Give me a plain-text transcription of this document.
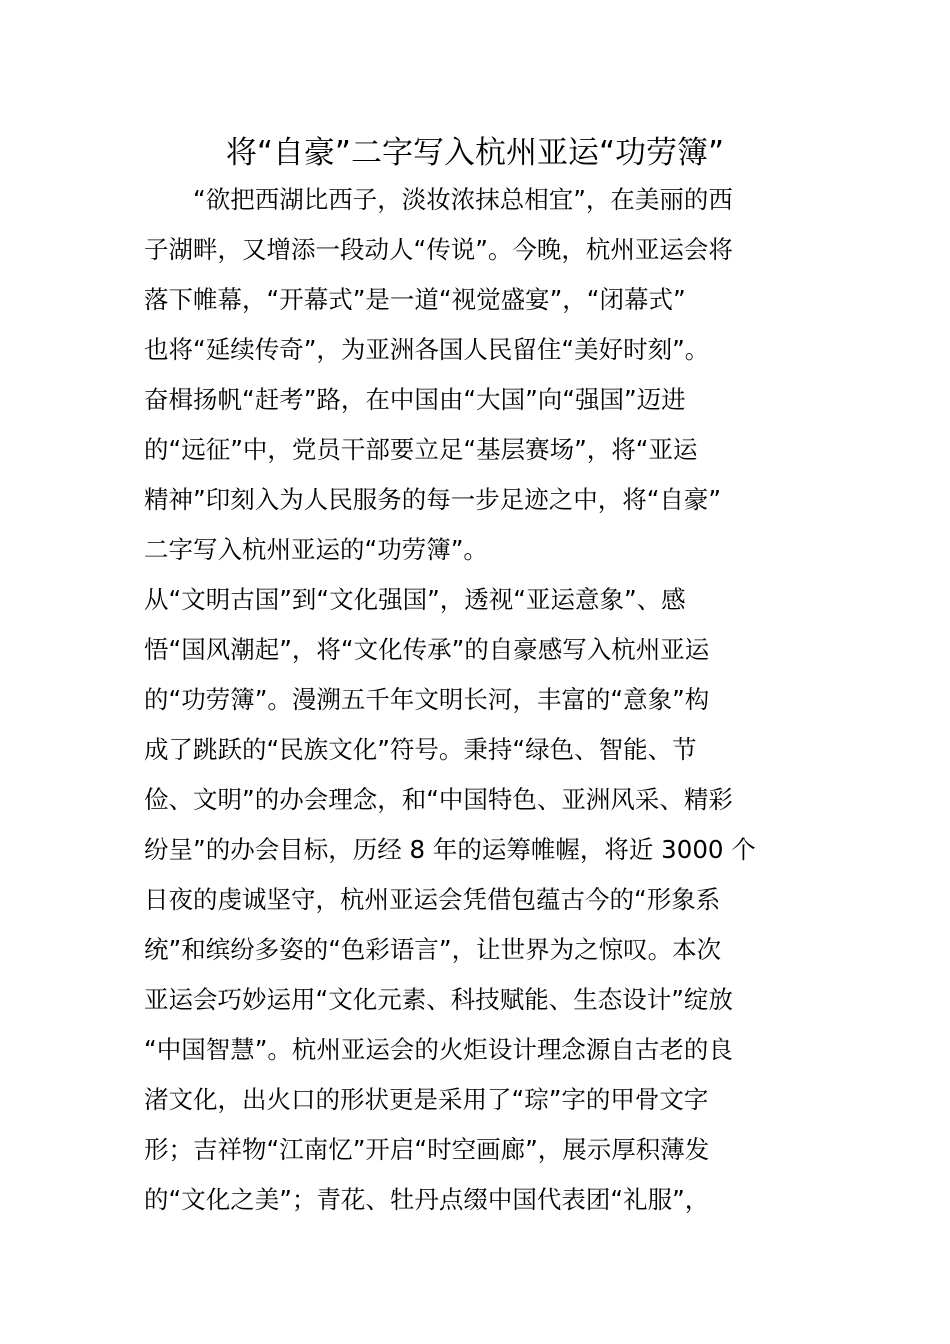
将“自豪”二字写入杭州亚运“功劳簿”
　　“欲把西湖比西子，淡妆浓抹总相宜”，在美丽的西
子湖畔，又增添一段动人“传说”。今晚，杭州亚运会将
落下帷幕，“开幕式”是一道“视觉盛宴”，“闭幕式”
也将“延续传奇”，为亚洲各国人民留住“美好时刻”。
奋楫扬帆“赶考”路，在中国由“大国”向“强国”迈进
的“远征”中，党员干部要立足“基层赛场”，将“亚运
精神”印刻入为人民服务的每一步足迹之中，将“自豪”
二字写入杭州亚运的“功劳簿”。
从“文明古国”到“文化强国”，透视“亚运意象”、感
悟“国风潮起”，将“文化传承”的自豪感写入杭州亚运
的“功劳簿”。漫溯五千年文明长河，丰富的“意象”构
成了跳跃的“民族文化”符号。秉持“绿色、智能、节
俭、文明”的办会理念，和“中国特色、亚洲风采、精彩
纷呈”的办会目标，历经 8 年的运筹帷幄，将近 3000 个
日夜的虔诚坚守，杭州亚运会凭借包蕴古今的“形象系
统”和缤纷多姿的“色彩语言”，让世界为之惊叹。本次
亚运会巧妙运用“文化元素、科技赋能、生态设计”绽放
“中国智慧”。杭州亚运会的火炬设计理念源自古老的良
渚文化，出火口的形状更是采用了“琮”字的甲骨文字
形；吉祥物“江南忆”开启“时空画廊”，展示厚积薄发
的“文化之美”；青花、牡丹点缀中国代表团“礼服”，
